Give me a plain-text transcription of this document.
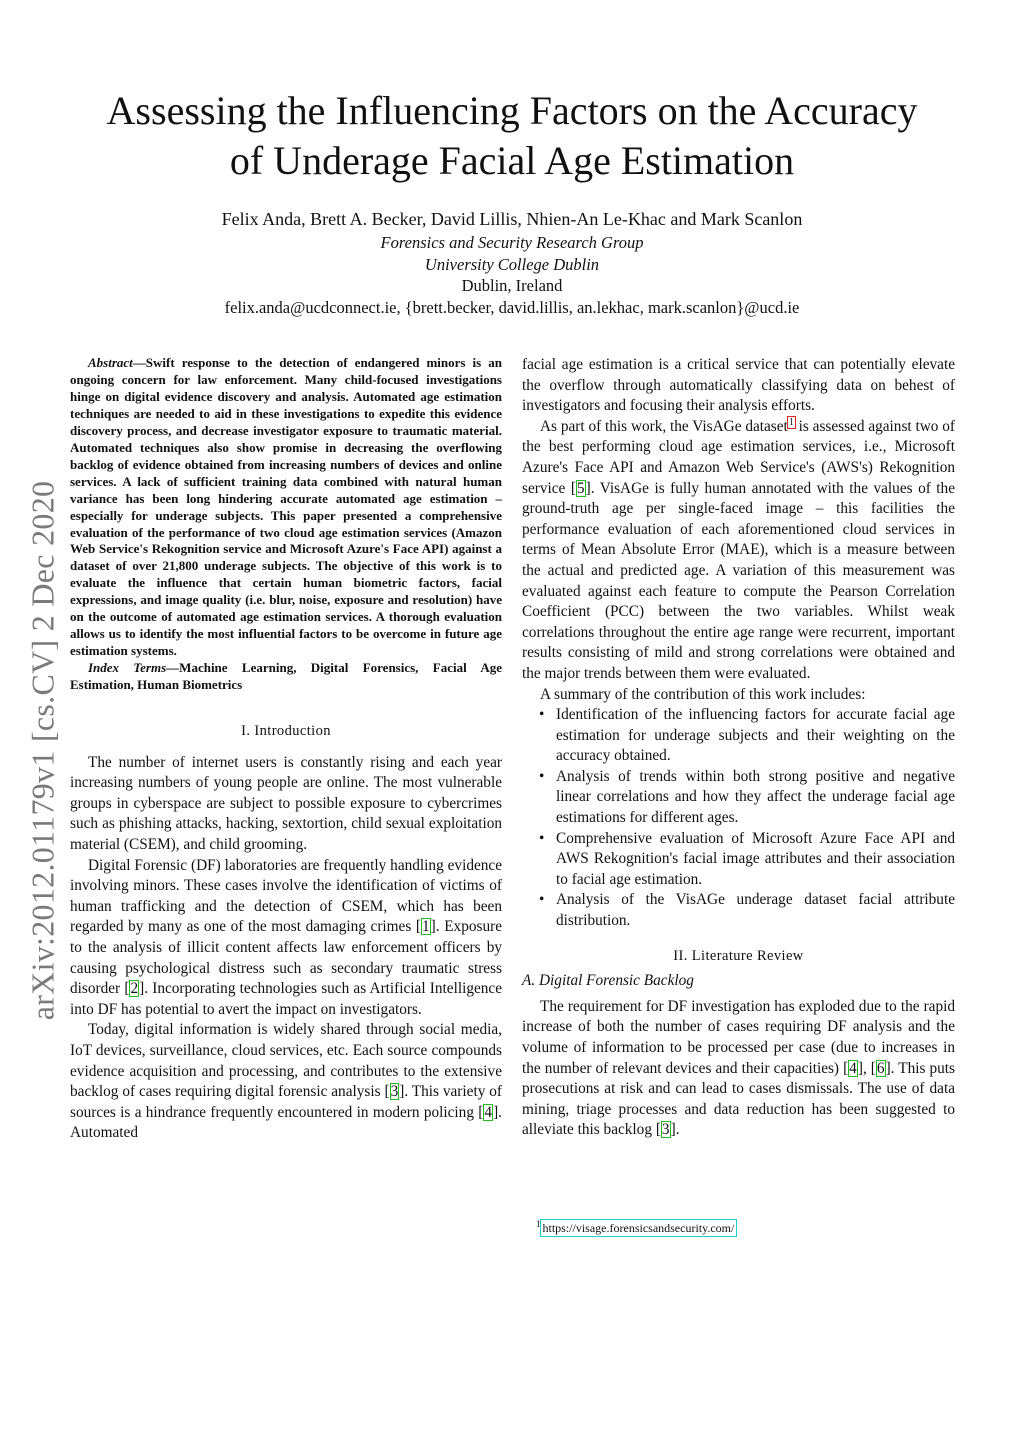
arXiv:2012.01179v1 [cs.CV] 2 Dec 2020
Assessing the Influencing Factors on the Accuracy
of Underage Facial Age Estimation
Felix Anda, Brett A. Becker, David Lillis, Nhien-An Le-Khac and Mark Scanlon
Forensics and Security Research Group
University College Dublin
Dublin, Ireland
felix.anda@ucdconnect.ie, {brett.becker, david.lillis, an.lekhac, mark.scanlon}@ucd.ie

Abstract—Swift response to the detection of endangered minors is an ongoing concern for law enforcement. Many child-focused investigations hinge on digital evidence discovery and analysis. Automated age estimation techniques are needed to aid in these investigations to expedite this evidence discovery process, and decrease investigator exposure to traumatic material. Automated techniques also show promise in decreasing the overflowing backlog of evidence obtained from increasing numbers of devices and online services. A lack of sufficient training data combined with natural human variance has been long hindering accurate automated age estimation – especially for underage subjects. This paper presented a comprehensive evaluation of the performance of two cloud age estimation services (Amazon Web Service's Rekognition service and Microsoft Azure's Face API) against a dataset of over 21,800 underage subjects. The objective of this work is to evaluate the influence that certain human biometric factors, facial expressions, and image quality (i.e. blur, noise, exposure and resolution) have on the outcome of automated age estimation services. A thorough evaluation allows us to identify the most influential factors to be overcome in future age estimation systems.

Index Terms—Machine Learning, Digital Forensics, Facial Age Estimation, Human Biometrics

I. Introduction

The number of internet users is constantly rising and each year increasing numbers of young people are online. The most vulnerable groups in cyberspace are subject to possible exposure to cybercrimes such as phishing attacks, hacking, sextortion, child sexual exploitation material (CSEM), and child grooming.

Digital Forensic (DF) laboratories are frequently handling evidence involving minors. These cases involve the identification of victims of human trafficking and the detection of CSEM, which has been regarded by many as one of the most damaging crimes [1]. Exposure to the analysis of illicit content affects law enforcement officers by causing psychological distress such as secondary traumatic stress disorder [2]. Incorporating technologies such as Artificial Intelligence into DF has potential to avert the impact on investigators.

Today, digital information is widely shared through social media, IoT devices, surveillance, cloud services, etc. Each source compounds evidence acquisition and processing, and contributes to the extensive backlog of cases requiring digital forensic analysis [3]. This variety of sources is a hindrance frequently encountered in modern policing [4]. Automated

facial age estimation is a critical service that can potentially elevate the overflow through automatically classifying data on behest of investigators and focusing their analysis efforts.

As part of this work, the VisAGe dataset$^1$ is assessed against two of the best performing cloud age estimation services, i.e., Microsoft Azure's Face API and Amazon Web Service's (AWS's) Rekognition service [5]. VisAGe is fully human annotated with the values of the ground-truth age per single-faced image – this facilities the performance evaluation of each aforementioned cloud services in terms of Mean Absolute Error (MAE), which is a measure between the actual and predicted age. A variation of this measurement was evaluated against each feature to compute the Pearson Correlation Coefficient (PCC) between the two variables. Whilst weak correlations throughout the entire age range were recurrent, important results consisting of mild and strong correlations were obtained and the major trends between them were evaluated.

A summary of the contribution of this work includes:

• Identification of the influencing factors for accurate facial age estimation for underage subjects and their weighting on the accuracy obtained.
• Analysis of trends within both strong positive and negative linear correlations and how they affect the underage facial age estimations for different ages.
• Comprehensive evaluation of Microsoft Azure Face API and AWS Rekognition's facial image attributes and their association to facial age estimation.
• Analysis of the VisAGe underage dataset facial attribute distribution.
II. Literature Review
A. Digital Forensic Backlog

The requirement for DF investigation has exploded due to the rapid increase of both the number of cases requiring DF analysis and the volume of information to be processed per case (due to increases in the number of relevant devices and their capacities) [4], [6]. This puts prosecutions at risk and can lead to cases dismissals. The use of data mining, triage processes and data reduction has been suggested to alleviate this backlog [3].

$^1$ https://visage.forensicsandsecurity.com/
